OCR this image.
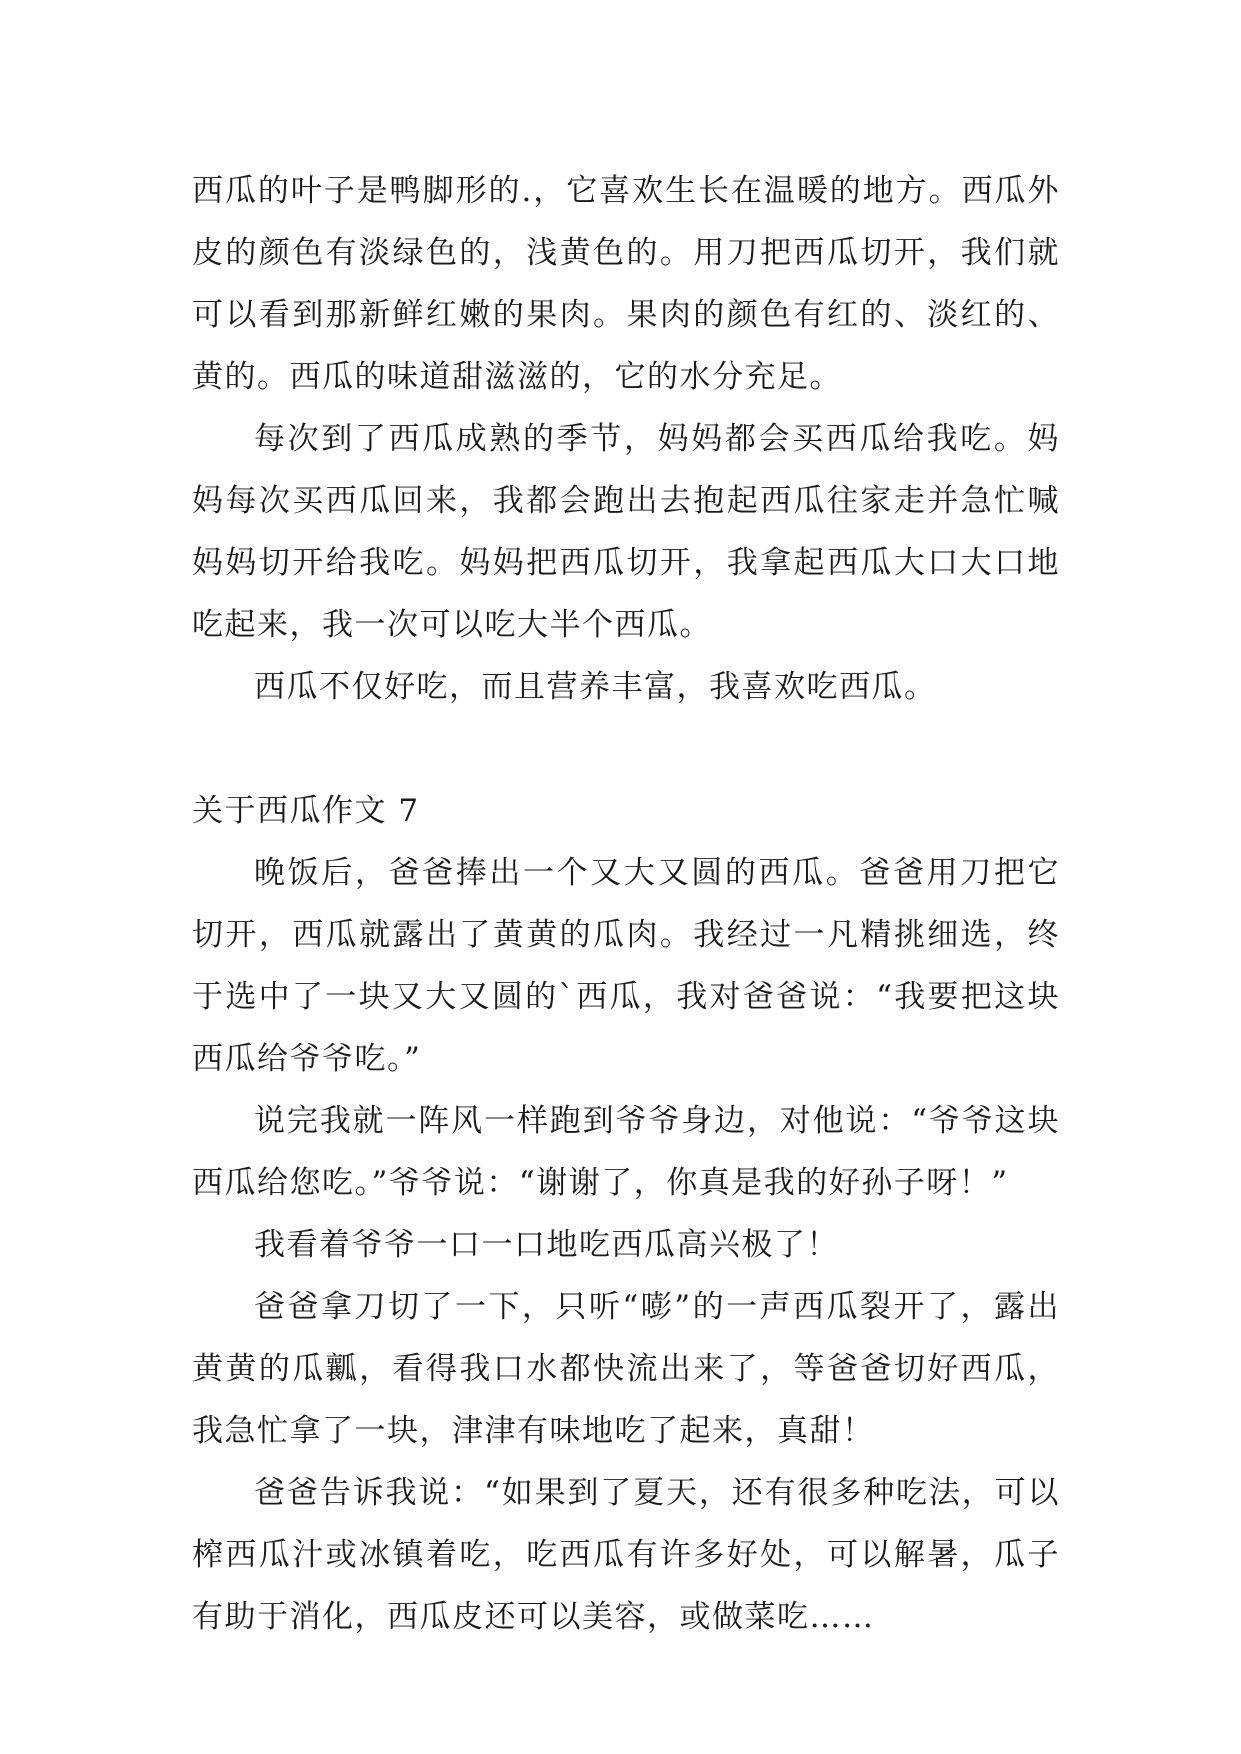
西瓜的叶子是鸭脚形的.，它喜欢生长在温暖的地方。西瓜外皮的颜色有淡绿色的，浅黄色的。用刀把西瓜切开，我们就可以看到那新鲜红嫩的果肉。果肉的颜色有红的、淡红的、黄的。西瓜的味道甜滋滋的，它的水分充足。

每次到了西瓜成熟的季节，妈妈都会买西瓜给我吃。妈妈每次买西瓜回来，我都会跑出去抱起西瓜往家走并急忙喊妈妈切开给我吃。妈妈把西瓜切开，我拿起西瓜大口大口地吃起来，我一次可以吃大半个西瓜。

西瓜不仅好吃，而且营养丰富，我喜欢吃西瓜。

关于西瓜作文 7

晚饭后，爸爸捧出一个又大又圆的西瓜。爸爸用刀把它切开，西瓜就露出了黄黄的瓜肉。我经过一凡精挑细选，终于选中了一块又大又圆的`西瓜，我对爸爸说：“我要把这块西瓜给爷爷吃。”

说完我就一阵风一样跑到爷爷身边，对他说：“爷爷这块西瓜给您吃。”爷爷说：“谢谢了，你真是我的好孙子呀！”

我看着爷爷一口一口地吃西瓜高兴极了！

爸爸拿刀切了一下，只听“嘭”的一声西瓜裂开了，露出黄黄的瓜瓤，看得我口水都快流出来了，等爸爸切好西瓜，我急忙拿了一块，津津有味地吃了起来，真甜！

爸爸告诉我说：“如果到了夏天，还有很多种吃法，可以榨西瓜汁或冰镇着吃，吃西瓜有许多好处，可以解暑，瓜子有助于消化，西瓜皮还可以美容，或做菜吃……
